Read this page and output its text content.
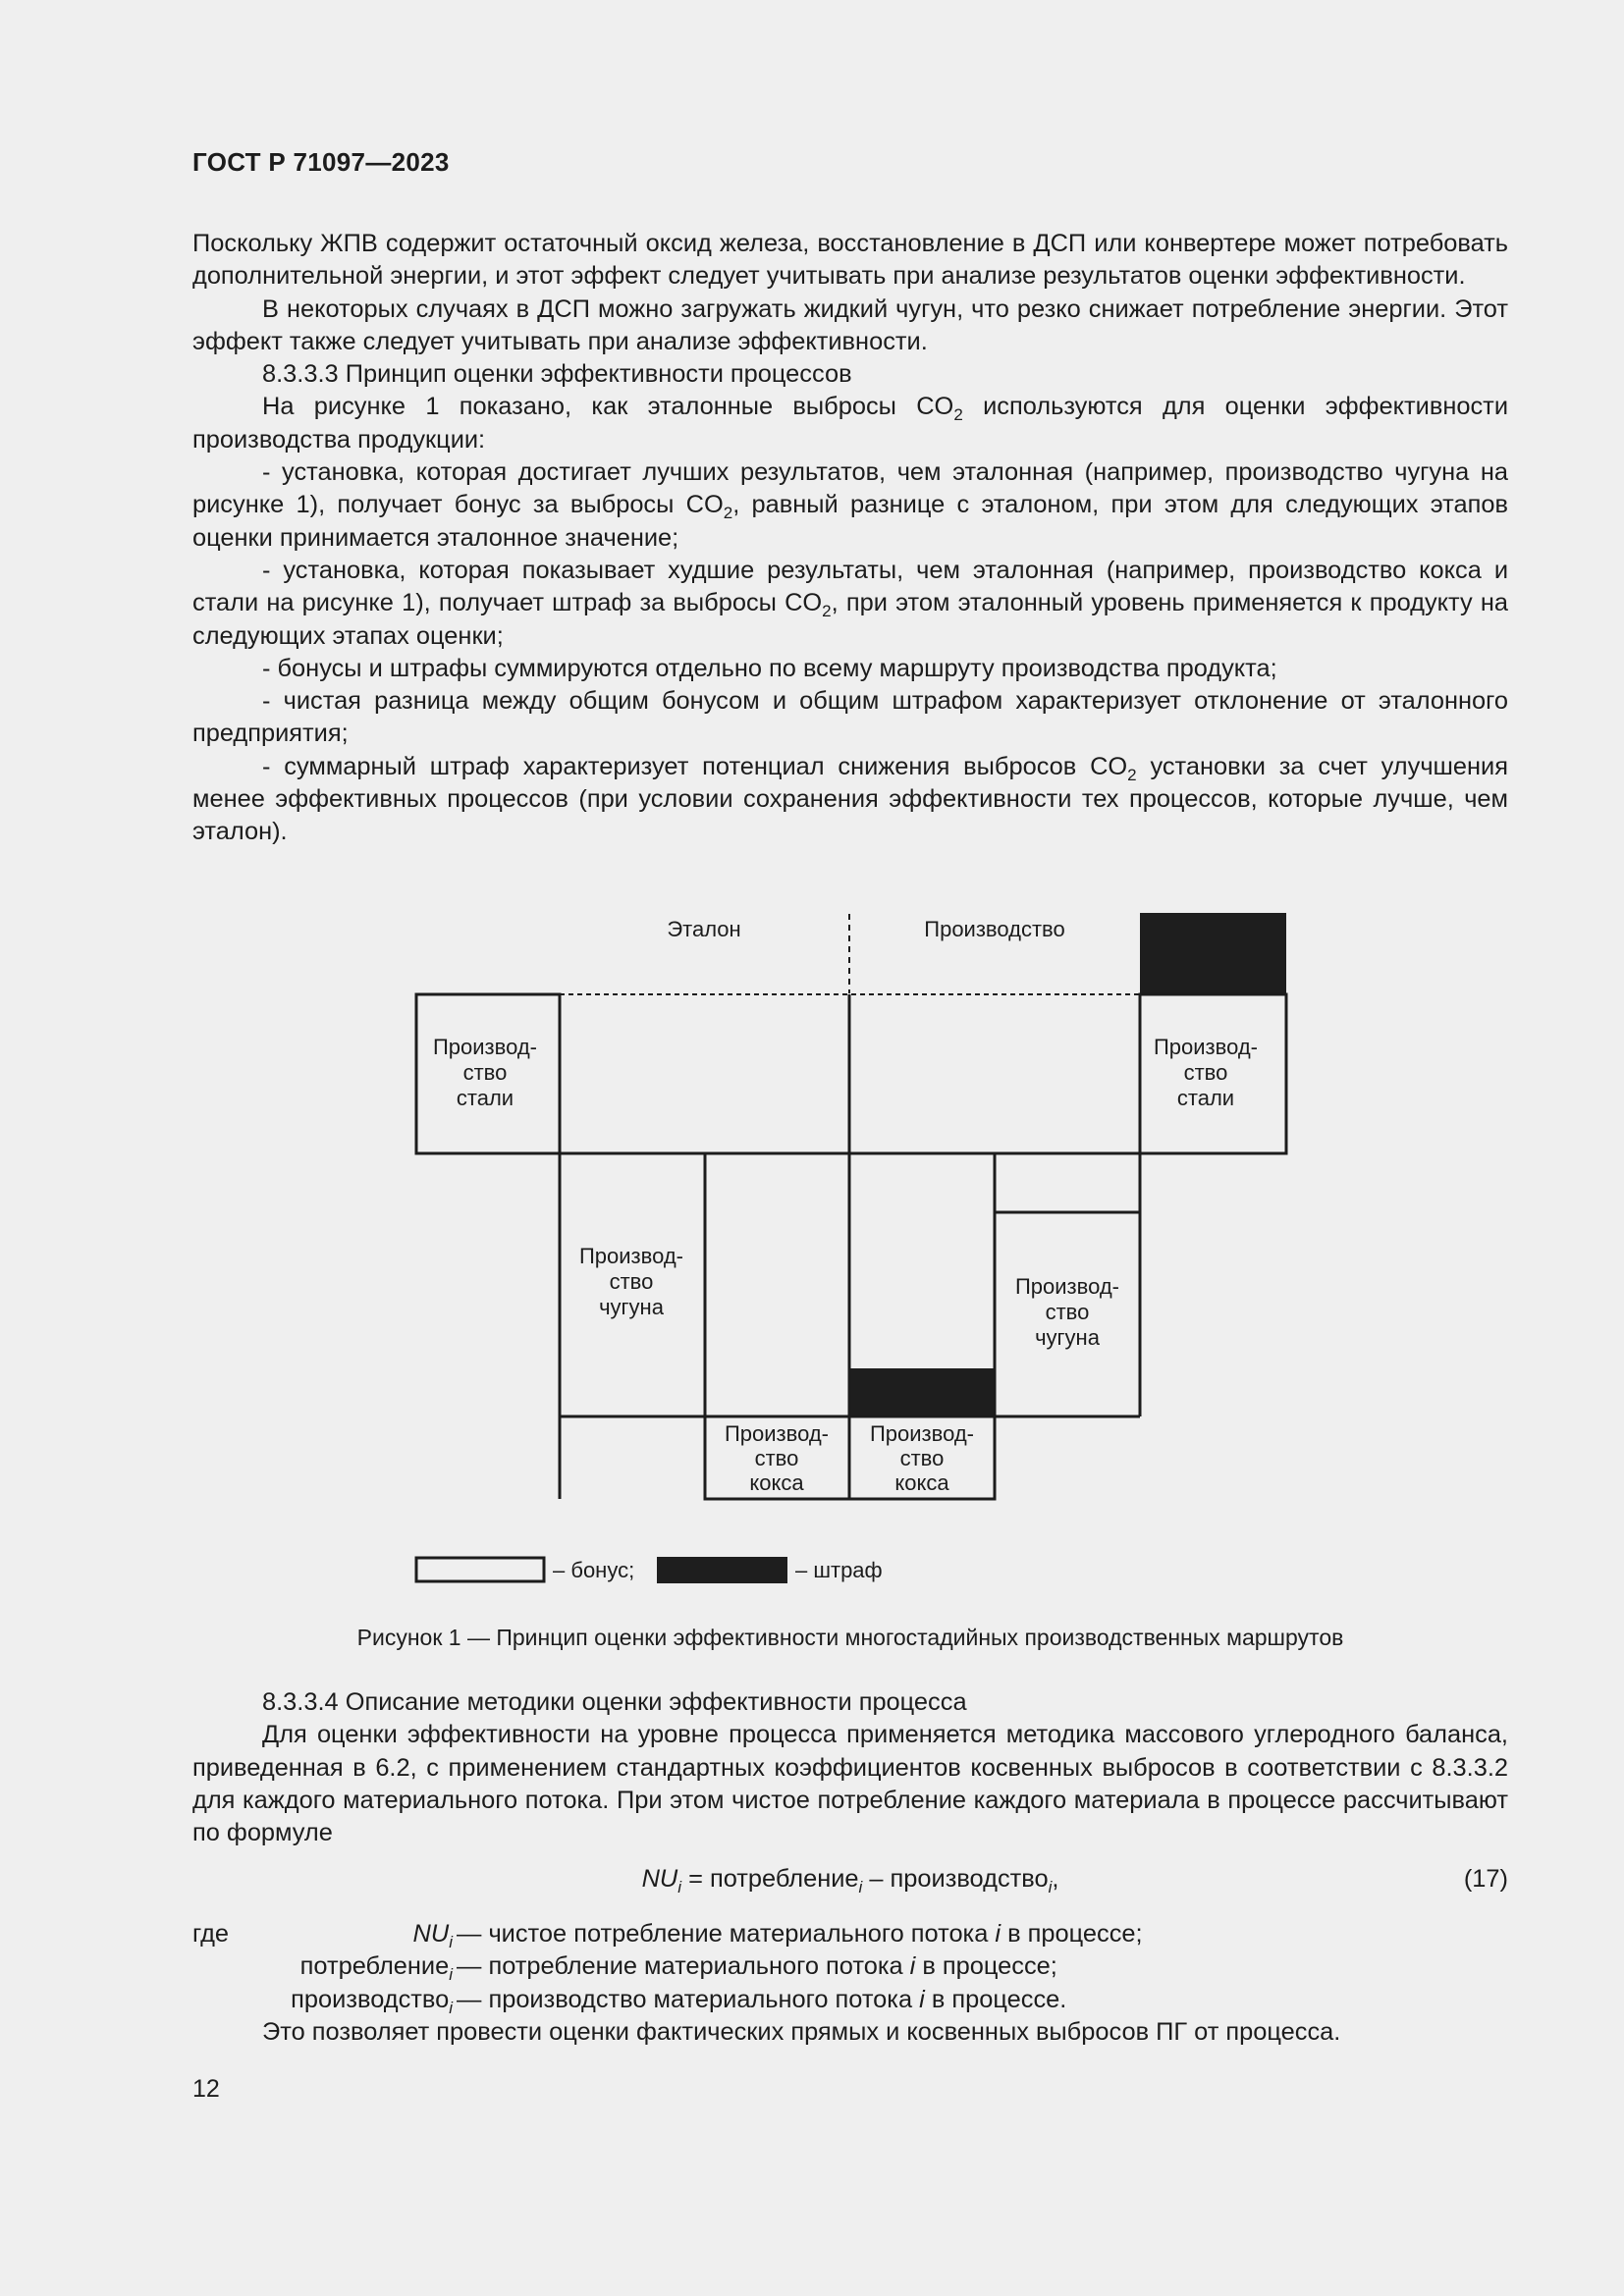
ГОСТ Р 71097—2023

Поскольку ЖПВ содержит остаточный оксид железа, восстановление в ДСП или конвертере может потребовать дополнительной энергии, и этот эффект следует учитывать при анализе результатов оценки эффективности.

В некоторых случаях в ДСП можно загружать жидкий чугун, что резко снижает потребление энергии. Этот эффект также следует учитывать при анализе эффективности.

8.3.3.3 Принцип оценки эффективности процессов

На рисунке 1 показано, как эталонные выбросы $CO_2$ используются для оценки эффективности производства продукции:

- установка, которая достигает лучших результатов, чем эталонная (например, производство чугуна на рисунке 1), получает бонус за выбросы $CO_2$, равный разнице с эталоном, при этом для следующих этапов оценки принимается эталонное значение;

- установка, которая показывает худшие результаты, чем эталонная (например, производство кокса и стали на рисунке 1), получает штраф за выбросы $CO_2$, при этом эталонный уровень применяется к продукту на следующих этапах оценки;

- бонусы и штрафы суммируются отдельно по всему маршруту производства продукта;

- чистая разница между общим бонусом и общим штрафом характеризует отклонение от эталонного предприятия;

- суммарный штраф характеризует потенциал снижения выбросов $CO_2$ установки за счет улучшения менее эффективных процессов (при условии сохранения эффективности тех процессов, которые лучше, чем эталон).

Эталон	Производство
Производ-
ство
стали
Производ-
ство
стали
Производ-
ство
чугуна
Производ-
ство
чугуна
Производ-
ство
кокса
Производ-
ство
кокса
– бонус;	– штраф
Рисунок 1 — Принцип оценки эффективности многостадийных производственных маршрутов

8.3.3.4 Описание методики оценки эффективности процесса

Для оценки эффективности на уровне процесса применяется методика массового углеродного баланса, приведенная в 6.2, с применением стандартных коэффициентов косвенных выбросов в соответствии с 8.3.3.2 для каждого материального потока. При этом чистое потребление каждого материала в процессе рассчитывают по формуле

$NU_i$ = потребление$_i$ – производство$_i$,	(17)
где	$NU_i$ — чистое потребление материального потока i в процессе;
потребление$_i$ — потребление материального потока i в процессе;
производство$_i$ — производство материального потока i в процессе.

Это позволяет провести оценки фактических прямых и косвенных выбросов ПГ от процесса.

12
